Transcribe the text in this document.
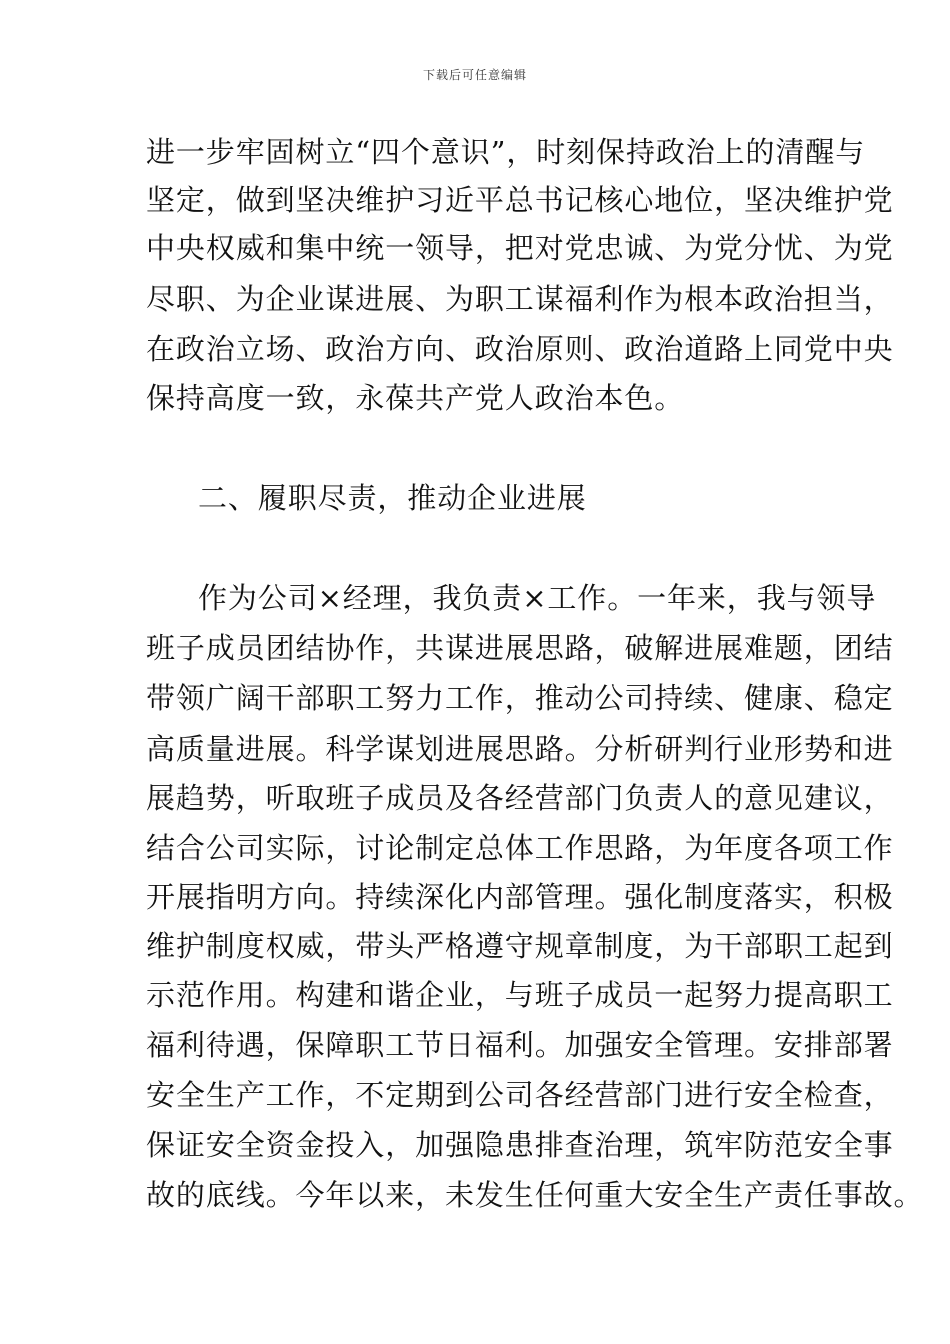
下载后可任意编辑
进一步牢固树立“四个意识”，时刻保持政治上的清醒与
坚定，做到坚决维护习近平总书记核心地位，坚决维护党
中央权威和集中统一领导，把对党忠诚、为党分忧、为党
尽职、为企业谋进展、为职工谋福利作为根本政治担当，
在政治立场、政治方向、政治原则、政治道路上同党中央
保持高度一致，永葆共产党人政治本色。
二、履职尽责，推动企业进展
作为公司×经理，我负责×工作。一年来，我与领导
班子成员团结协作，共谋进展思路，破解进展难题，团结
带领广阔干部职工努力工作，推动公司持续、健康、稳定
高质量进展。科学谋划进展思路。分析研判行业形势和进
展趋势，听取班子成员及各经营部门负责人的意见建议，
结合公司实际，讨论制定总体工作思路，为年度各项工作
开展指明方向。持续深化内部管理。强化制度落实，积极
维护制度权威，带头严格遵守规章制度，为干部职工起到
示范作用。构建和谐企业，与班子成员一起努力提高职工
福利待遇，保障职工节日福利。加强安全管理。安排部署
安全生产工作，不定期到公司各经营部门进行安全检查，
保证安全资金投入，加强隐患排查治理，筑牢防范安全事
故的底线。今年以来，未发生任何重大安全生产责任事故。
